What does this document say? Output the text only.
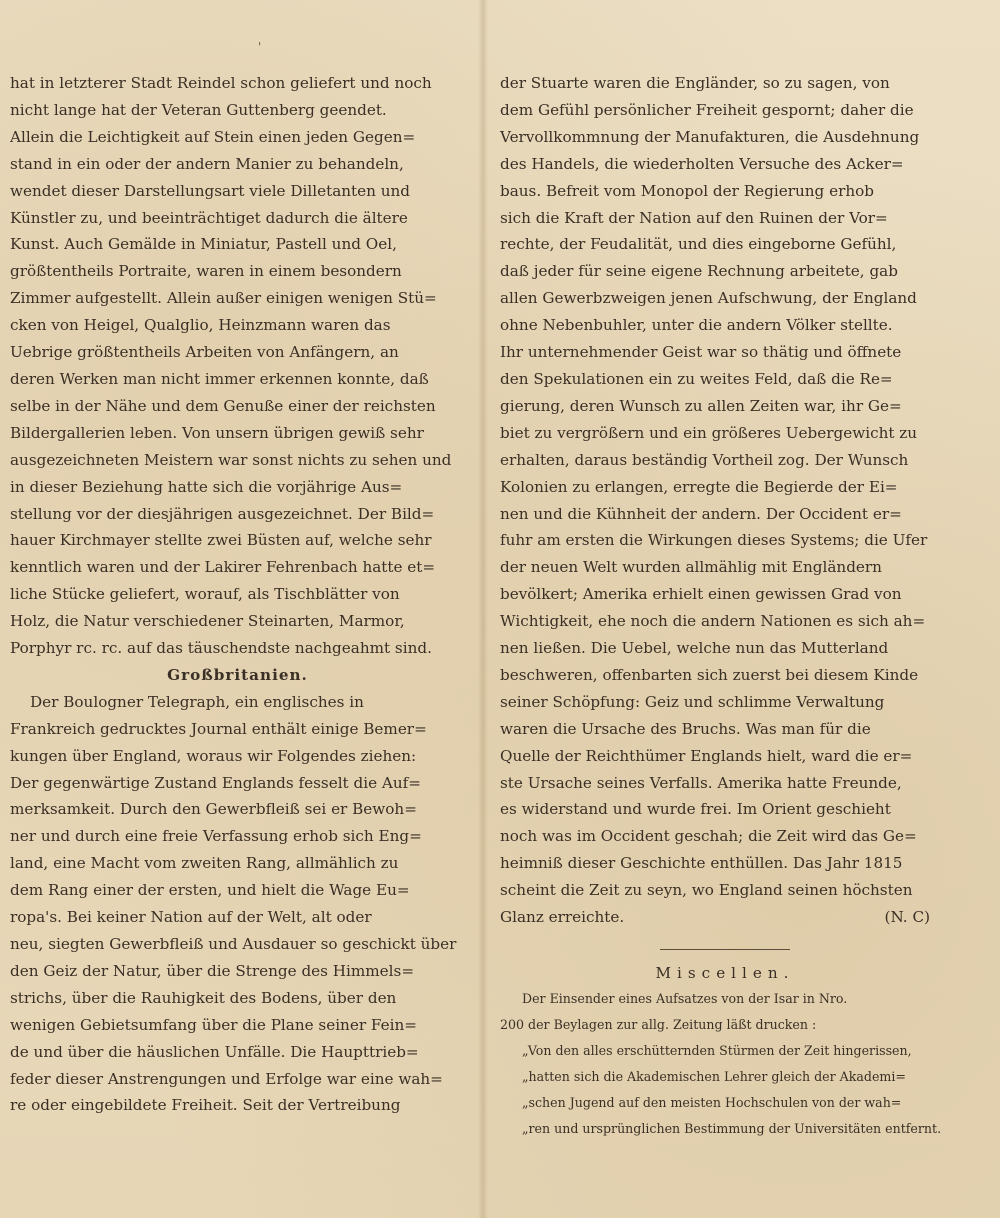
'
hat in letzterer Stadt Reindel schon geliefert und noch
nicht lange hat der Veteran Guttenberg geendet.
Allein die Leichtigkeit auf Stein einen jeden Gegen=
stand in ein oder der andern Manier zu behandeln,
wendet dieser Darstellungsart viele Dilletanten und
Künstler zu, und beeinträchtiget dadurch die ältere
Kunst. Auch Gemälde in Miniatur, Pastell und Oel,
größtentheils Portraite, waren in einem besondern
Zimmer aufgestellt. Allein außer einigen wenigen Stü=
cken von Heigel, Qualglio, Heinzmann waren das
Uebrige größtentheils Arbeiten von Anfängern, an
deren Werken man nicht immer erkennen konnte, daß
selbe in der Nähe und dem Genuße einer der reichsten
Bildergallerien leben. Von unsern übrigen gewiß sehr
ausgezeichneten Meistern war sonst nichts zu sehen und
in dieser Beziehung hatte sich die vorjährige Aus=
stellung vor der diesjährigen ausgezeichnet. Der Bild=
hauer Kirchmayer stellte zwei Büsten auf, welche sehr
kenntlich waren und der Lakirer Fehrenbach hatte et=
liche Stücke geliefert, worauf, als Tischblätter von
Holz, die Natur verschiedener Steinarten, Marmor,
Porphyr rc. rc. auf das täuschendste nachgeahmt sind.
Großbritanien.
Der Boulogner Telegraph, ein englisches in
Frankreich gedrucktes Journal enthält einige Bemer=
kungen über England, woraus wir Folgendes ziehen:
Der gegenwärtige Zustand Englands fesselt die Auf=
merksamkeit. Durch den Gewerbfleiß sei er Bewoh=
ner und durch eine freie Verfassung erhob sich Eng=
land, eine Macht vom zweiten Rang, allmählich zu
dem Rang einer der ersten, und hielt die Wage Eu=
ropa's. Bei keiner Nation auf der Welt, alt oder
neu, siegten Gewerbfleiß und Ausdauer so geschickt über
den Geiz der Natur, über die Strenge des Himmels=
strichs, über die Rauhigkeit des Bodens, über den
wenigen Gebietsumfang über die Plane seiner Fein=
de und über die häuslichen Unfälle. Die Haupttrieb=
feder dieser Anstrengungen und Erfolge war eine wah=
re oder eingebildete Freiheit. Seit der Vertreibung
der Stuarte waren die Engländer, so zu sagen, von
dem Gefühl persönlicher Freiheit gespornt; daher die
Vervollkommnung der Manufakturen, die Ausdehnung
des Handels, die wiederholten Versuche des Acker=
baus. Befreit vom Monopol der Regierung erhob
sich die Kraft der Nation auf den Ruinen der Vor=
rechte, der Feudalität, und dies eingeborne Gefühl,
daß jeder für seine eigene Rechnung arbeitete, gab
allen Gewerbzweigen jenen Aufschwung, der England
ohne Nebenbuhler, unter die andern Völker stellte.
Ihr unternehmender Geist war so thätig und öffnete
den Spekulationen ein zu weites Feld, daß die Re=
gierung, deren Wunsch zu allen Zeiten war, ihr Ge=
biet zu vergrößern und ein größeres Uebergewicht zu
erhalten, daraus beständig Vortheil zog. Der Wunsch
Kolonien zu erlangen, erregte die Begierde der Ei=
nen und die Kühnheit der andern. Der Occident er=
fuhr am ersten die Wirkungen dieses Systems; die Ufer
der neuen Welt wurden allmählig mit Engländern
bevölkert; Amerika erhielt einen gewissen Grad von
Wichtigkeit, ehe noch die andern Nationen es sich ah=
nen ließen. Die Uebel, welche nun das Mutterland
beschweren, offenbarten sich zuerst bei diesem Kinde
seiner Schöpfung: Geiz und schlimme Verwaltung
waren die Ursache des Bruchs. Was man für die
Quelle der Reichthümer Englands hielt, ward die er=
ste Ursache seines Verfalls. Amerika hatte Freunde,
es widerstand und wurde frei. Im Orient geschieht
noch was im Occident geschah; die Zeit wird das Ge=
heimniß dieser Geschichte enthüllen. Das Jahr 1815
scheint die Zeit zu seyn, wo England seinen höchsten
Glanz erreichte.	(N. C)
Miscellen.
Der Einsender eines Aufsatzes von der Isar in Nro.
200 der Beylagen zur allg. Zeitung läßt drucken :
„Von den alles erschütternden Stürmen der Zeit hingerissen,
„hatten sich die Akademischen Lehrer gleich der Akademi=
„schen Jugend auf den meisten Hochschulen von der wah=
„ren und ursprünglichen Bestimmung der Universitäten entfernt.
